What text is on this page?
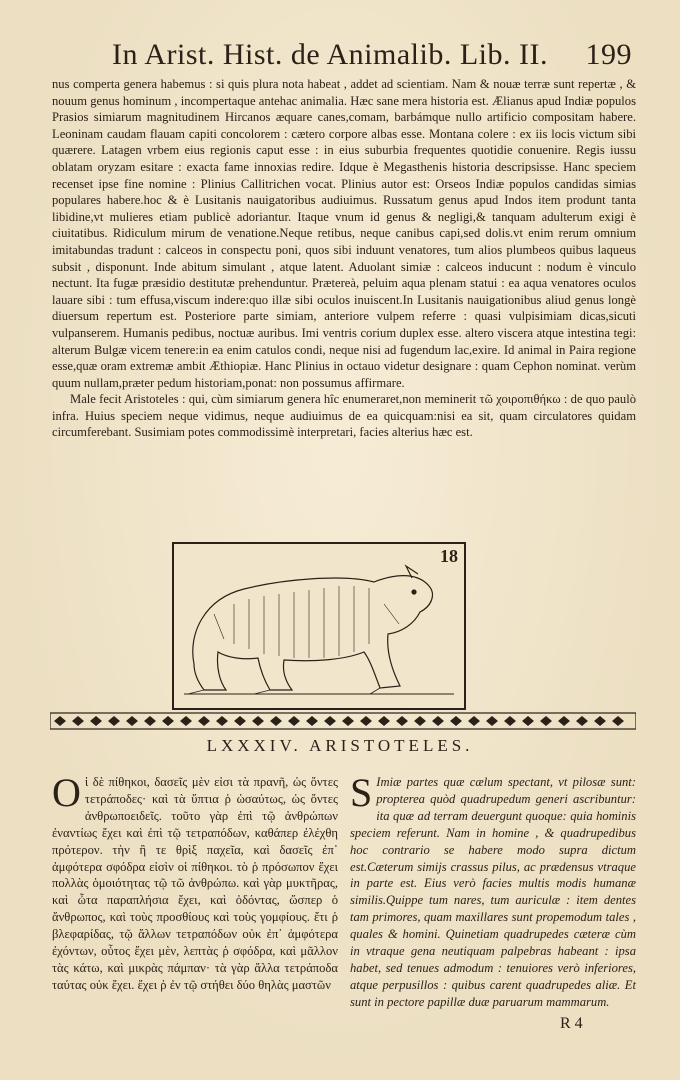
In Arist. Hist. de Animalib. Lib. II. 199

nus comperta genera habemus : si quis plura nota habeat , addet ad scientiam. Nam & nouæ terræ sunt repertæ , & nouum genus hominum , incompertaque antehac animalia. Hæc sane mera historia est. Ælianus apud Indiæ populos Prasios simiarum magnitudinem Hircanos æquare canes,comam, barbámque nullo artificio compositam habere. Leoninam caudam flauam capiti concolorem : cætero corpore albas esse. Montana colere : ex iis locis victum sibi quærere. Latagen vrbem eius regionis caput esse : in eius suburbia frequentes quotidie conuenire. Regis iussu oblatam oryzam esitare : exacta fame innoxias redire. Idque è Megasthenis historia descripsisse. Hanc speciem recenset ipse fine nomine : Plinius Callitrichen vocat. Plinius autor est: Orseos Indiæ populos candidas simias populares habere.hoc & è Lusitanis nauigatoribus audiuimus. Russatum genus apud Indos item produnt tanta libidine,vt mulieres etiam publicè adoriantur. Itaque vnum id genus & negligi,& tanquam adulterum exigi è ciuitatibus. Ridiculum mirum de venatione.Neque retibus, neque canibus capi,sed dolis.vt enim rerum omnium imitabundas tradunt : calceos in conspectu poni, quos sibi induunt venatores, tum alios plumbeos quibus laqueus subsit , disponunt. Inde abitum simulant , atque latent. Aduolant simiæ : calceos inducunt : nodum è vinculo nectunt. Ita fugæ præsidio destitutæ prehenduntur. Prætereà, peluim aqua plenam statui : ea aqua venatores oculos lauare sibi : tum effusa,viscum indere:quo illæ sibi oculos inuiscent.In Lusitanis nauigationibus aliud genus longè diuersum repertum est. Posteriore parte simiam, anteriore vulpem referre : quasi vulpisimiam dicas,sicuti vulpanserem. Humanis pedibus, noctuæ auribus. Imi ventris corium duplex esse. altero viscera atque intestina tegi: alterum Bulgæ vicem tenere:in ea enim catulos condi, neque nisi ad fugendum lac,exire. Id animal in Paira regione esse,quæ oram extremæ ambit Æthiopiæ. Hanc Plinius in octauo videtur designare : quam Cephon nominat. verùm quum nullam,præter pedum historiam,ponat: non possumus affirmare.

Male fecit Aristoteles : qui, cùm simiarum genera hîc enumeraret,non meminerit τῶ χοιροπιθήκω : de quo paulò infra. Huius speciem neque vidimus, neque audiuimus de ea quicquam:nisi ea sit, quam circulatores quidam circumferebant. Susimiam potes commodissimè interpretari, facies alterius hæc est.

18
LXXXIV. ARISTOTELES.
O ἱ δὲ πίθηκοι, δασεῖς μὲν εἰσι τὰ πρανῆ, ὡς ὄντες τετράποδες· καὶ τὰ ὕπτια ῥ ὡσαύτως, ὡς ὄντες ἀνθρωποειδεῖς. τοῦτο γὰρ ἐπὶ τῷ ἀνθρώπων ἐναντίως ἔχει καὶ ἐπὶ τῷ τετραπόδων, καθάπερ ἐλέχθη πρότερον. τὴν ἢ τε θρὶξ παχεῖα, καὶ δασεῖς ἐπ᾽ ἀμφότερα σφόδρα εἰσὶν οἱ πίθηκοι. τὸ ῥ πρόσωπον ἔχει πολλὰς ὁμοιότητας τῷ τῶ ἀνθρώπω. καὶ γὰρ μυκτῆρας, καὶ ὦτα παραπλήσια ἔχει, καὶ ὀδόντας, ὥσπερ ὁ ἄνθρωπος, καὶ τοὺς προσθίους καὶ τοὺς γομφίους. ἔτι ῥ βλεφαρίδας, τῷ ἄλλων τετραπόδων οὐκ ἐπ᾽ ἀμφότερα ἐχόντων, οὗτος ἔχει μὲν, λεπτὰς ῥ σφόδρα, καὶ μᾶλλον τὰς κάτω, καὶ μικρὰς πάμπαν· τὰ γὰρ ἄλλα τετράποδα ταύτας οὐκ ἔχει. ἔχει ῥ ἐν τῷ στήθει δύο θηλὰς μαστῶν
S Imiæ partes quæ cælum spectant, vt pilosæ sunt: propterea quòd quadrupedum generi ascribuntur: ita quæ ad terram deuergunt quoque: quia hominis speciem referunt. Nam in homine , & quadrupedibus hoc contrario se habere modo supra dictum est.Cæterum simijs crassus pilus, ac prædensus vtraque in parte est. Eius verò facies multis modis humanæ similis.Quippe tum nares, tum auriculæ : item dentes tam primores, quam maxillares sunt propemodum tales , quales & homini. Quinetiam quadrupedes cæteræ cùm in vtraque gena neutiquam palpebras habeant : ipsa habet, sed tenues admodum : tenuiores verò inferiores, atque perpusillos : quibus carent quadrupedes aliæ. Et sunt in pectore papillæ duæ paruarum mammarum.
R 4
